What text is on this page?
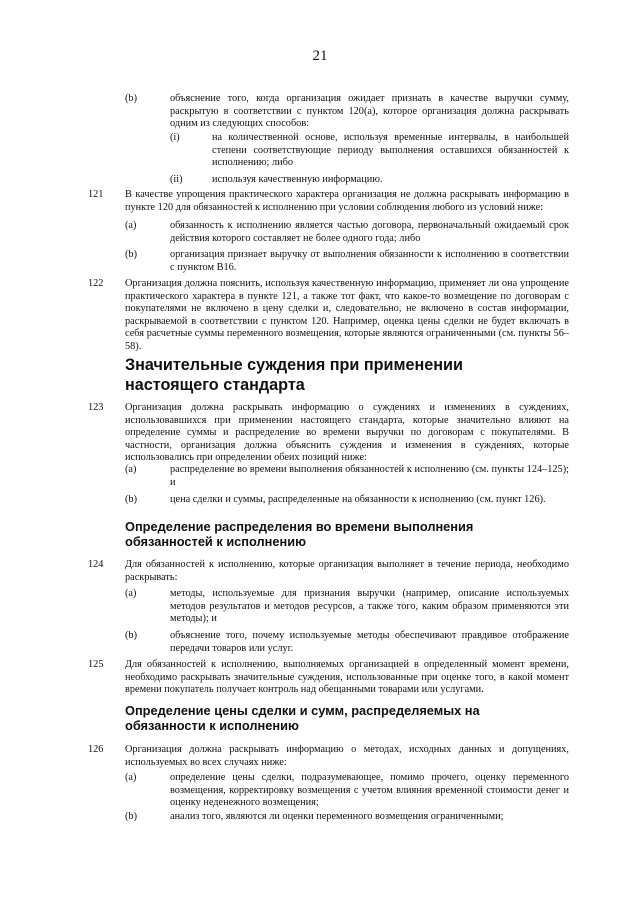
21
(b)	объяснение того, когда организация ожидает признать в качестве выручки сумму, раскрытую в соответствии с пунктом 120(a), которое организация должна раскрывать одним из следующих способов:
(i)	на количественной основе, используя временные интервалы, в наибольшей степени соответствующие периоду выполнения оставшихся обязанностей к исполнению; либо
(ii)	используя качественную информацию.
121 В качестве упрощения практического характера организация не должна раскрывать информацию в пункте 120 для обязанностей к исполнению при условии соблюдения любого из условий ниже:
(a)	обязанность к исполнению является частью договора, первоначальный ожидаемый срок действия которого составляет не более одного года; либо
(b)	организация признает выручку от выполнения обязанности к исполнению в соответствии с пунктом B16.
122 Организация должна пояснить, используя качественную информацию, применяет ли она упрощение практического характера в пункте 121, а также тот факт, что какое-то возмещение по договорам с покупателями не включено в цену сделки и, следовательно, не включено в состав информации, раскрываемой в соответствии с пунктом 120. Например, оценка цены сделки не будет включать в себя расчетные суммы переменного возмещения, которые являются ограниченными (см. пункты 56–58).
Значительные суждения при применении настоящего стандарта
123 Организация должна раскрывать информацию о суждениях и изменениях в суждениях, использовавшихся при применении настоящего стандарта, которые значительно влияют на определение суммы и распределение во времени выручки по договорам с покупателями. В частности, организация должна объяснить суждения и изменения в суждениях, которые использовались при определении обеих позиций ниже:
(a)	распределение во времени выполнения обязанностей к исполнению (см. пункты 124–125); и
(b)	цена сделки и суммы, распределенные на обязанности к исполнению (см. пункт 126).
Определение распределения во времени выполнения обязанностей к исполнению
124 Для обязанностей к исполнению, которые организация выполняет в течение периода, необходимо раскрывать:
(a)	методы, используемые для признания выручки (например, описание используемых методов результатов и методов ресурсов, а также того, каким образом применяются эти методы); и
(b)	объяснение того, почему используемые методы обеспечивают правдивое отображение передачи товаров или услуг.
125 Для обязанностей к исполнению, выполняемых организацией в определенный момент времени, необходимо раскрывать значительные суждения, использованные при оценке того, в какой момент времени покупатель получает контроль над обещанными товарами или услугами.
Определение цены сделки и сумм, распределяемых на обязанности к исполнению
126 Организация должна раскрывать информацию о методах, исходных данных и допущениях, используемых во всех случаях ниже:
(a)	определение цены сделки, подразумевающее, помимо прочего, оценку переменного возмещения, корректировку возмещения с учетом влияния временной стоимости денег и оценку неденежного возмещения;
(b)	анализ того, являются ли оценки переменного возмещения ограниченными;
